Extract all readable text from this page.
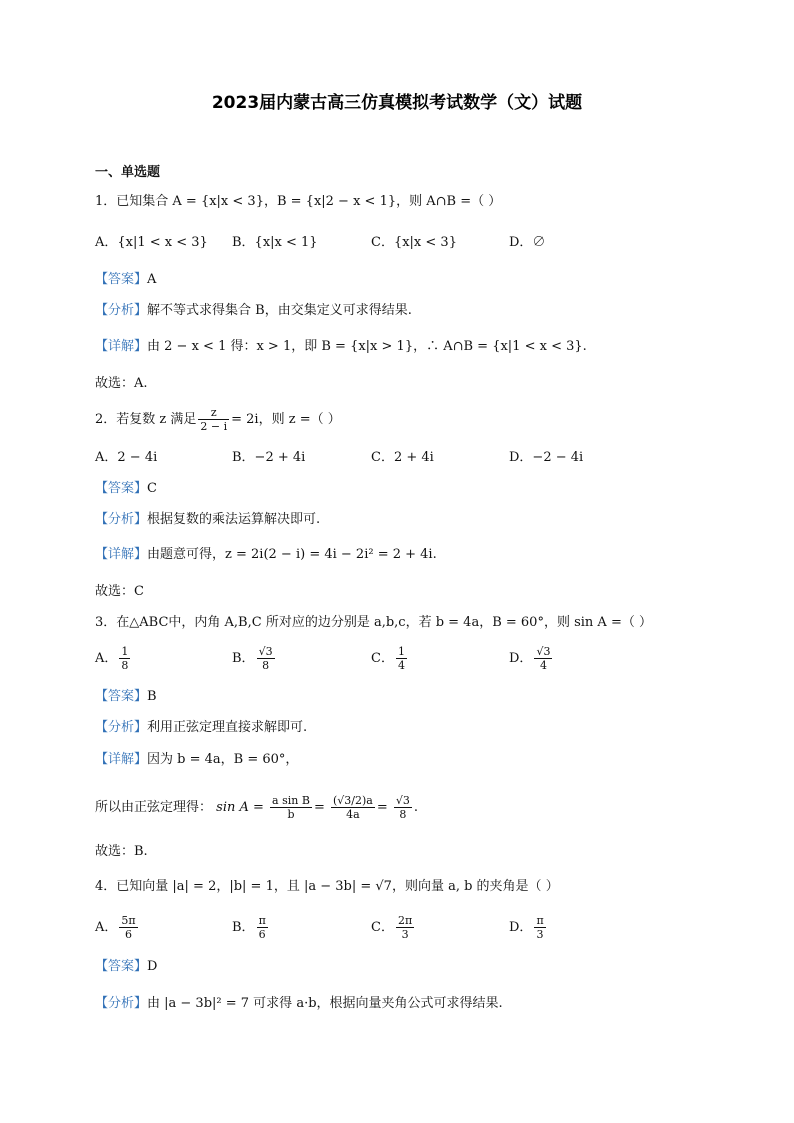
2023届内蒙古高三仿真模拟考试数学（文）试题
一、单选题
1．已知集合 A = {x|x < 3}，B = {x|2 − x < 1}，则 A∩B =（ ）
A．{x|1 < x < 3} B．{x|x < 1}	C．{x|x < 3}	D．∅
【答案】A
【分析】解不等式求得集合 B，由交集定义可求得结果.
【详解】由 2 − x < 1 得：x > 1，即 B = {x|x > 1}，∴ A∩B = {x|1 < x < 3}.
故选：A.
2．若复数 z 满足 $\frac{z}{2 - i} = 2i$，则 z =（ ）
A．2 − 4i	B．−2 + 4i	C．2 + 4i	D．−2 − 4i
【答案】C
【分析】根据复数的乘法运算解决即可.
【详解】由题意可得，z = 2i(2 − i) = 4i − 2i² = 2 + 4i.
故选：C
3．在△ABC中，内角 A,B,C 所对应的边分别是 a,b,c，若 b = 4a，B = 60°，则 sin A =（ ）
A． $\frac{1}{8}$	B． $\frac{√3}{8}$	C． $\frac{1}{4}$	D． $\frac{√3}{4}$
【答案】B
【分析】利用正弦定理直接求解即可.
【详解】因为 b = 4a，B = 60°，
所以由正弦定理得： $\sin A = \frac{\text{a sin B}}{b} = \frac{(√3/2)a}{4a} = \frac{√3}{8}$ .
故选：B.
4．已知向量 |a| = 2，|b| = 1，且 |a − 3b| = √7，则向量 a, b 的夹角是（ ）
A． $\frac{5\pi}{6}$	B． $\frac{\pi}{6}$	C． $\frac{2\pi}{3}$	D． $\frac{\pi}{3}$
【答案】D
【分析】由 |a − 3b|² = 7 可求得 a·b，根据向量夹角公式可求得结果.
